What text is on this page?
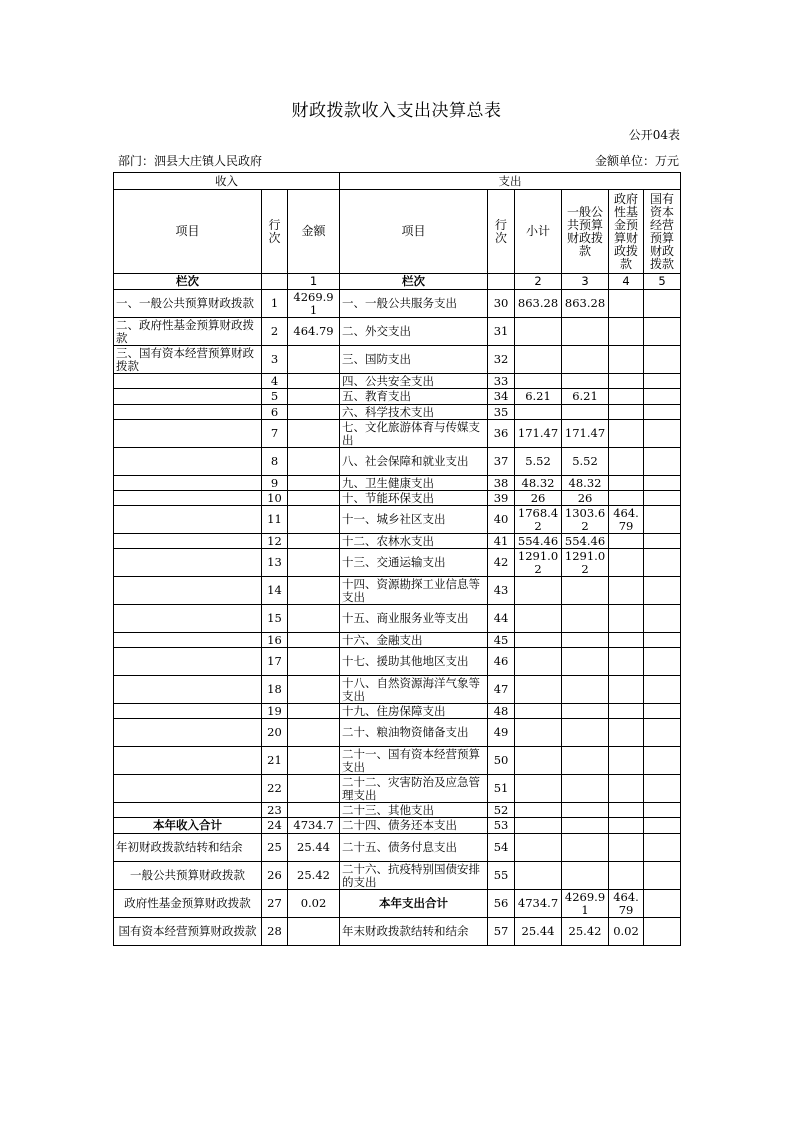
财政拨款收入支出决算总表
公开04表
部门：泗县大庄镇人民政府	金额单位：万元
收入			支出					
项目	行次	金额	项目	行次	小计	一般公共预算财政拨款	政府性基金预算财政拨款	国有资本经营预算财政拨款
栏次		1	栏次		2	3	4	5
一、一般公共预算财政拨款	1	4269.91	一、一般公共服务支出	30	863.28	863.28		
二、政府性基金预算财政拨款	2	464.79	二、外交支出	31				
三、国有资本经营预算财政拨款	3		三、国防支出	32				
	4		四、公共安全支出	33				
	5		五、教育支出	34	6.21	6.21		
	6		六、科学技术支出	35				
	7		七、文化旅游体育与传媒支出	36	171.47	171.47		
	8		八、社会保障和就业支出	37	5.52	5.52		
	9		九、卫生健康支出	38	48.32	48.32		
	10		十、节能环保支出	39	26	26		
	11		十一、城乡社区支出	40	1768.42	1303.62	464.79	
	12		十二、农林水支出	41	554.46	554.46		
	13		十三、交通运输支出	42	1291.02	1291.02		
	14		十四、资源勘探工业信息等支出	43				
	15		十五、商业服务业等支出	44				
	16		十六、金融支出	45				
	17		十七、援助其他地区支出	46				
	18		十八、自然资源海洋气象等支出	47				
	19		十九、住房保障支出	48				
	20		二十、粮油物资储备支出	49				
	21		二十一、国有资本经营预算支出	50				
	22		二十二、灾害防治及应急管理支出	51				
	23		二十三、其他支出	52				
本年收入合计	24	4734.7	二十四、债务还本支出	53				
年初财政拨款结转和结余	25	25.44	二十五、债务付息支出	54				
一般公共预算财政拨款	26	25.42	二十六、抗疫特别国债安排的支出	55				
政府性基金预算财政拨款	27	0.02	本年支出合计	56	4734.7	4269.91	464.79	
国有资本经营预算财政拨款	28		年末财政拨款结转和结余	57	25.44	25.42	0.02	
